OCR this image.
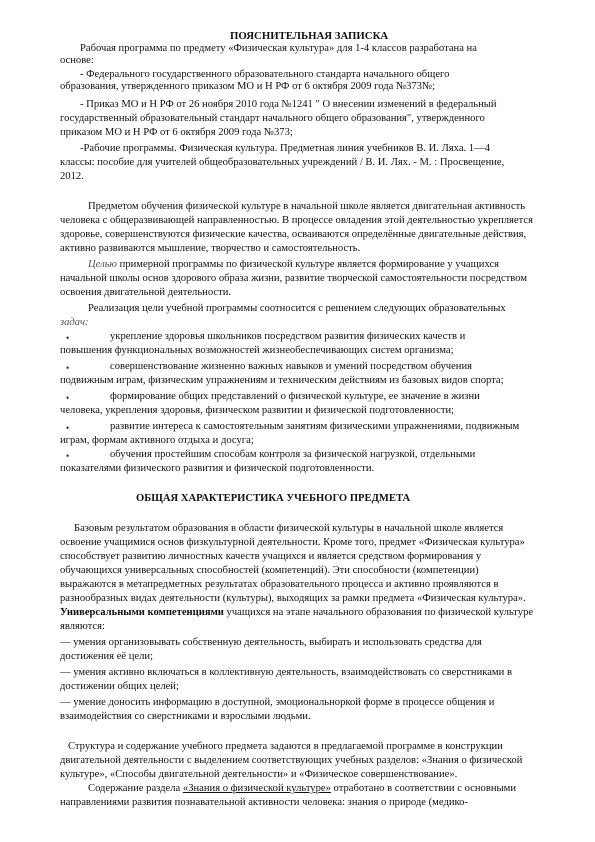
ПОЯСНИТЕЛЬНАЯ ЗАПИСКА
Рабочая программа по предмету «Физическая культура» для 1-4 классов разработана на
основе:
- Федерального государственного образовательного стандарта начального общего
образования, утвержденного приказом МО и Н РФ от 6 октября 2009 года №373№;
- Приказ МО и Н РФ от 26 ноября 2010 года №1241 " О внесении изменений в федеральный
государственный образовательный стандарт начального общего образования", утвержденного
приказом МО и Н РФ от 6 октября 2009 года №373;
-Рабочие программы. Физическая культура. Предметная линия учебников В. И. Ляха. 1—4
классы: пособие для учителей общеобразовательных учреждений / В. И. Лях. - М. : Просвещение,
2012.
Предметом обучения физической культуре в начальной школе является двигательная активность
человека с общеразвивающей направленностью. В процессе овладения этой деятельностью укрепляется
здоровье, совершенствуются физические качества, осваиваются определённые двигательные действия,
активно развиваются мышление, творчество и самостоятельность.
Целью примерной программы по физической культуре является формирование у учащихся
начальной школы основ здорового образа жизни, развитие творческой самостоятельности посредством
освоения двигательной деятельности.
Реализация цели учебной программы соотносится с решением следующих образовательных
задач:
•	укрепление здоровья школьников посредством развития физических качеств и
повышения функциональных возможностей жизнеобеспечивающих систем организма;
•	совершенствование жизненно важных навыков и умений посредством обучения
подвижным играм, физическим упражнениям и техническим действиям из базовых видов спорта;
•	формирование общих представлений о физической культуре, ее значение в жизни
человека, укрепления здоровья, физическом развитии и физической подготовленности;
•	развитие интереса к самостоятельным занятиям физическими упражнениями, подвижным
играм, формам активного отдыха и досуга;
•	обучения простейшим способам контроля за физической нагрузкой, отдельными
показателями физического развития и физической подготовленности.
ОБЩАЯ ХАРАКТЕРИСТИКА УЧЕБНОГО ПРЕДМЕТА
Базовым результатом образования в области физической культуры в начальной школе является
освоение учащимися основ физкультурной деятельности. Кроме того, предмет «Физическая культура»
способствует развитию личностных качеств учащихся и является средством формирования у
обучающихся универсальных способностей (компетенций). Эти способности (компетенции)
выражаются в метапредметных результатах образовательного процесса и активно проявляются в
разнообразных видах деятельности (культуры), выходящих за рамки предмета «Физическая культура».
Универсальными компетенциями учащихся на этапе начального образования по физической культуре
являются:
— умения организовывать собственную деятельность, выбирать и использовать средства для
достижения её цели;
— умения активно включаться в коллективную деятельность, взаимодействовать со сверстниками в
достижении общих целей;
— умение доносить информацию в доступной, эмоциональноркой форме в процессе общения и
взаимодействия со сверстниками и взрослыми людьми.
Структура и содержание учебного предмета задаются в предлагаемой программе в конструкции
двигательной деятельности с выделением соответствующих учебных разделов: «Знания о физической
культуре», «Способы двигательной деятельности» и «Физическое совершенствование».
Содержание раздела «Знания о физической культуре» отработано в соответствии с основными
направлениями развития познавательной активности человека: знания о природе (медико-
